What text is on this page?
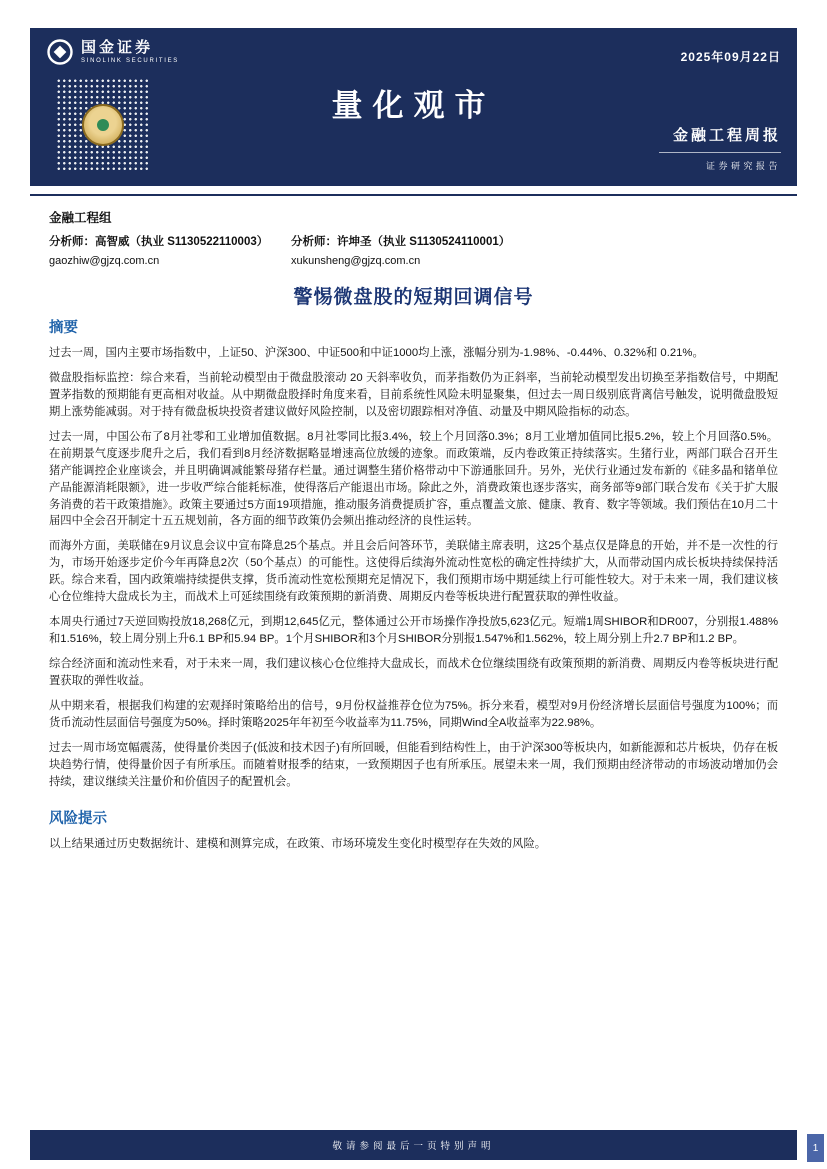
国金证券
SINOLINK SECURITIES	2025年09月22日
量化观市
金融工程周报
证券研究报告
金融工程组
分析师：高智威（执业 S1130522110003）
gaozhiw@gjzq.com.cn
分析师：许坤圣（执业 S1130524110001）
xukunsheng@gjzq.com.cn
警惕微盘股的短期回调信号
摘要

过去一周，国内主要市场指数中，上证50、沪深300、中证500和中证1000均上涨，涨幅分别为-1.98%、-0.44%、0.32%和 0.21%。

微盘股指标监控：综合来看，当前轮动模型由于微盘股滚动 20 天斜率收负，而茅指数仍为正斜率，当前轮动模型发出切换至茅指数信号，中期配置茅指数的预期能有更高相对收益。从中期微盘股择时角度来看，目前系统性风险未明显聚集，但过去一周日级别底背离信号触发，说明微盘股短期上涨势能减弱。对于持有微盘板块投资者建议做好风险控制，以及密切跟踪相对净值、动量及中期风险指标的动态。

过去一周，中国公布了8月社零和工业增加值数据。8月社零同比报3.4%，较上个月回落0.3%；8月工业增加值同比报5.2%，较上个月回落0.5%。在前期景气度逐步爬升之后，我们看到8月经济数据略显增速高位放缓的迹象。而政策端，反内卷政策正持续落实。生猪行业，两部门联合召开生猪产能调控企业座谈会，并且明确调减能繁母猪存栏量。通过调整生猪价格带动中下游通胀回升。另外，光伏行业通过发布新的《硅多晶和锗单位产品能源消耗限额》，进一步收严综合能耗标准，使得落后产能退出市场。除此之外，消费政策也逐步落实，商务部等9部门联合发布《关于扩大服务消费的若干政策措施》。政策主要通过5方面19项措施，推动服务消费提质扩容，重点覆盖文旅、健康、教育、数字等领域。我们预估在10月二十届四中全会召开制定十五五规划前，各方面的细节政策仍会频出推动经济的良性运转。

而海外方面，美联储在9月议息会议中宣布降息25个基点。并且会后问答环节，美联储主席表明，这25个基点仅是降息的开始，并不是一次性的行为，市场开始逐步定价今年再降息2次（50个基点）的可能性。这使得后续海外流动性宽松的确定性持续扩大，从而带动国内成长板块持续保持活跃。综合来看，国内政策端持续提供支撑，货币流动性宽松预期充足情况下，我们预期市场中期延续上行可能性较大。对于未来一周，我们建议核心仓位维持大盘成长为主，而战术上可延续围绕有政策预期的新消费、周期反内卷等板块进行配置获取的弹性收益。

本周央行通过7天逆回购投放18,268亿元，到期12,645亿元，整体通过公开市场操作净投放5,623亿元。短端1周SHIBOR和DR007，分别报1.488%和1.516%，较上周分别上升6.1 BP和5.94 BP。1个月SHIBOR和3个月SHIBOR分别报1.547%和1.562%，较上周分别上升2.7 BP和1.2 BP。

综合经济面和流动性来看，对于未来一周，我们建议核心仓位维持大盘成长，而战术仓位继续围绕有政策预期的新消费、周期反内卷等板块进行配置获取的弹性收益。

从中期来看，根据我们构建的宏观择时策略给出的信号，9月份权益推荐仓位为75%。拆分来看，模型对9月份经济增长层面信号强度为100%；而货币流动性层面信号强度为50%。择时策略2025年年初至今收益率为11.75%，同期Wind全A收益率为22.98%。

过去一周市场宽幅震荡，使得量价类因子(低波和技术因子)有所回暖，但能看到结构性上，由于沪深300等板块内，如新能源和芯片板块，仍存在板块趋势行情，使得量价因子有所承压。而随着财报季的结束，一致预期因子也有所承压。展望未来一周，我们预期由经济带动的市场波动增加仍会持续，建议继续关注量价和价值因子的配置机会。

风险提示

以上结果通过历史数据统计、建模和测算完成，在政策、市场环境发生变化时模型存在失效的风险。

敬请参阅最后一页特别声明	1
